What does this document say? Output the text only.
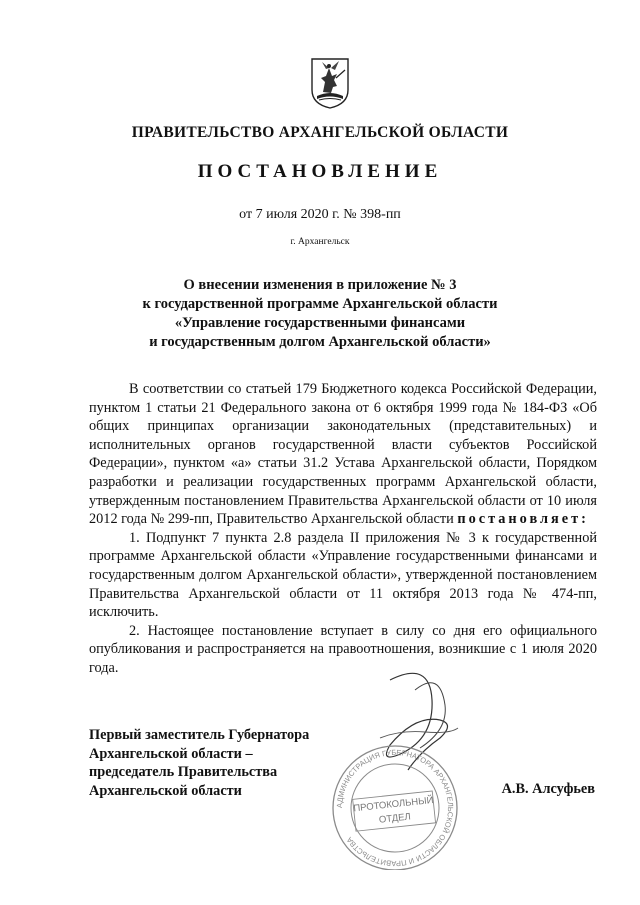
ПРАВИТЕЛЬСТВО АРХАНГЕЛЬСКОЙ ОБЛАСТИ
ПОСТАНОВЛЕНИЕ
от 7 июля 2020 г. № 398-пп
г. Архангельск
О внесении изменения в приложение № 3
к государственной программе Архангельской области
«Управление государственными финансами
и государственным долгом Архангельской области»

В соответствии со статьей 179 Бюджетного кодекса Российской Федерации, пунктом 1 статьи 21 Федерального закона от 6 октября 1999 года № 184-ФЗ «Об общих принципах организации законодательных (представительных) и исполнительных органов государственной власти субъектов Российской Федерации», пунктом «а» статьи 31.2 Устава Архангельской области, Порядком разработки и реализации государственных программ Архангельской области, утвержденным постановлением Правительства Архангельской области от 10 июля 2012 года № 299-пп, Правительство Архангельской области постановляет:

1. Подпункт 7 пункта 2.8 раздела II приложения № 3 к государственной программе Архангельской области «Управление государственными финансами и государственным долгом Архангельской области», утвержденной постановлением Правительства Архангельской области от 11 октября 2013 года № 474-пп, исключить.

2. Настоящее постановление вступает в силу со дня его официального опубликования и распространяется на правоотношения, возникшие с 1 июля 2020 года.

АДМИНИСТРАЦИЯ ГУБЕРНАТОРА АРХАНГЕЛЬСКОЙ ОБЛАСТИ И ПРАВИТЕЛЬСТВА
ПРОТОКОЛЬНЫЙ
ОТДЕЛ
Первый заместитель Губернатора
Архангельской области –
председатель Правительства
Архангельской области	А.В. Алсуфьев
